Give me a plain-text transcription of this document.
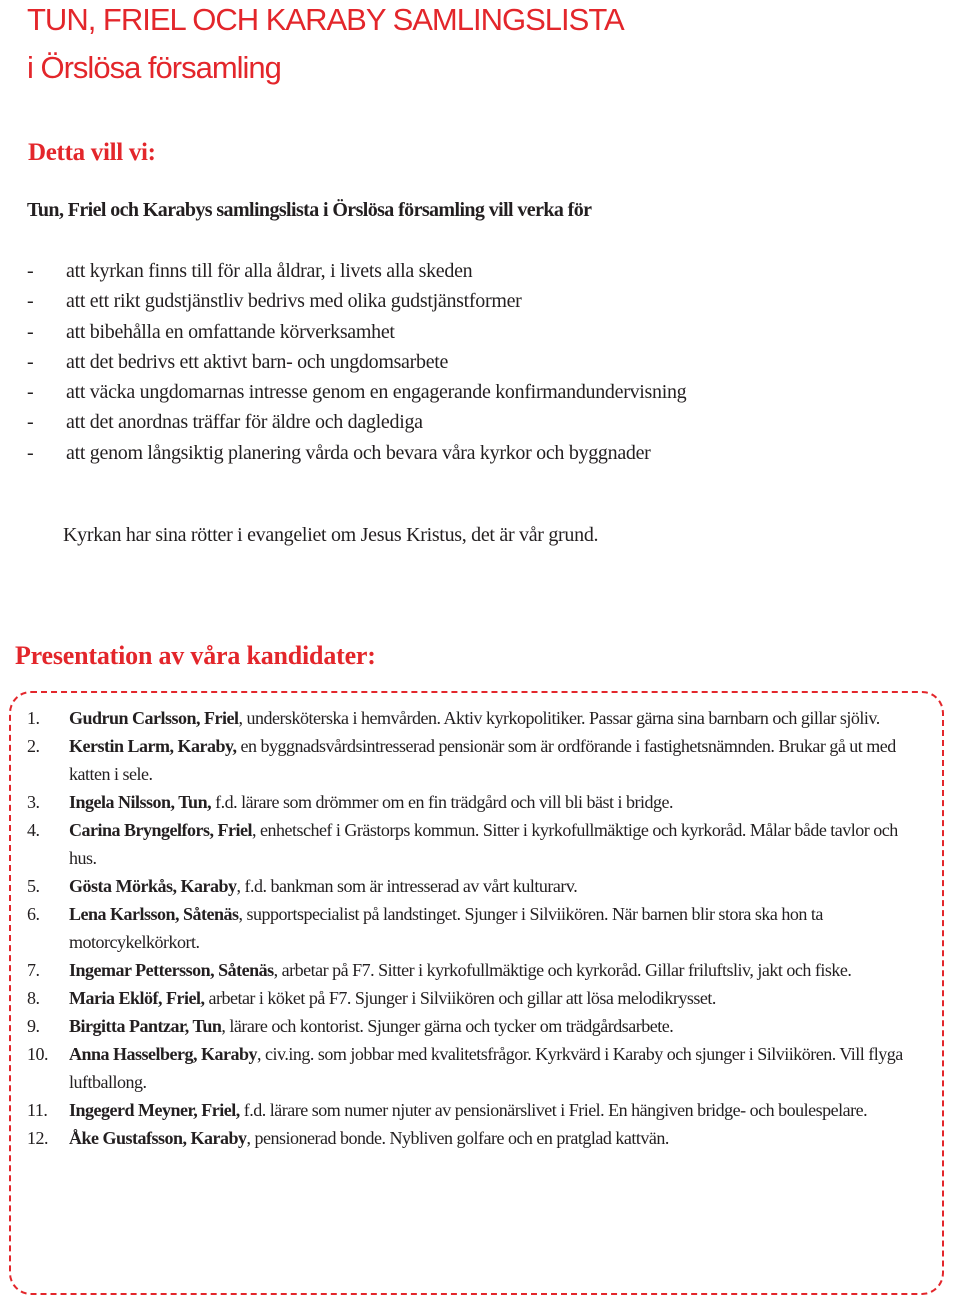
TUN, FRIEL OCH KARABY SAMLINGSLISTA
i Örslösa församling
Detta vill vi:

Tun, Friel och Karabys samlingslista i Örslösa församling vill verka för

-	att kyrkan finns till för alla åldrar, i livets alla skeden
-	att ett rikt gudstjänstliv bedrivs med olika gudstjänstformer
-	att bibehålla en omfattande körverksamhet
-	att det bedrivs ett aktivt barn- och ungdomsarbete
-	att väcka ungdomarnas intresse genom en engagerande konfirmandundervisning
-	att det anordnas träffar för äldre och daglediga
-	att genom långsiktig planering vårda och bevara våra kyrkor och byggnader

Kyrkan har sina rötter i evangeliet om Jesus Kristus, det är vår grund.

Presentation av våra kandidater:
1.	Gudrun Carlsson, Friel, undersköterska i hemvården. Aktiv kyrkopolitiker. Passar gärna sina barnbarn och gillar sjöliv.
2.	Kerstin Larm, Karaby, en byggnadsvårdsintresserad pensionär som är ordförande i fastighetsnämnden. Brukar gå ut med katten i sele.
3.	Ingela Nilsson, Tun, f.d. lärare som drömmer om en fin trädgård och vill bli bäst i bridge.
4.	Carina Bryngelfors, Friel, enhetschef i Grästorps kommun. Sitter i kyrkofullmäktige och kyrkoråd. Målar både tavlor och hus.
5.	Gösta Mörkås, Karaby, f.d. bankman som är intresserad av vårt kulturarv.
6.	Lena Karlsson, Såtenäs, supportspecialist på landstinget. Sjunger i Silviikören. När barnen blir stora ska hon ta motorcykelkörkort.
7.	Ingemar Pettersson, Såtenäs, arbetar på F7. Sitter i kyrkofullmäktige och kyrkoråd. Gillar friluftsliv, jakt och fiske.
8.	Maria Eklöf, Friel, arbetar i köket på F7. Sjunger i Silviikören och gillar att lösa melodikrysset.
9.	Birgitta Pantzar, Tun, lärare och kontorist. Sjunger gärna och tycker om trädgårdsarbete.
10.	Anna Hasselberg, Karaby, civ.ing. som jobbar med kvalitetsfrågor. Kyrkvärd i Karaby och sjunger i Silviikören. Vill flyga luftballong.
11.	Ingegerd Meyner, Friel, f.d. lärare som numer njuter av pensionärslivet i Friel. En hängiven bridge- och boulespelare.
12.	Åke Gustafsson, Karaby, pensionerad bonde. Nybliven golfare och en pratglad kattvän.
